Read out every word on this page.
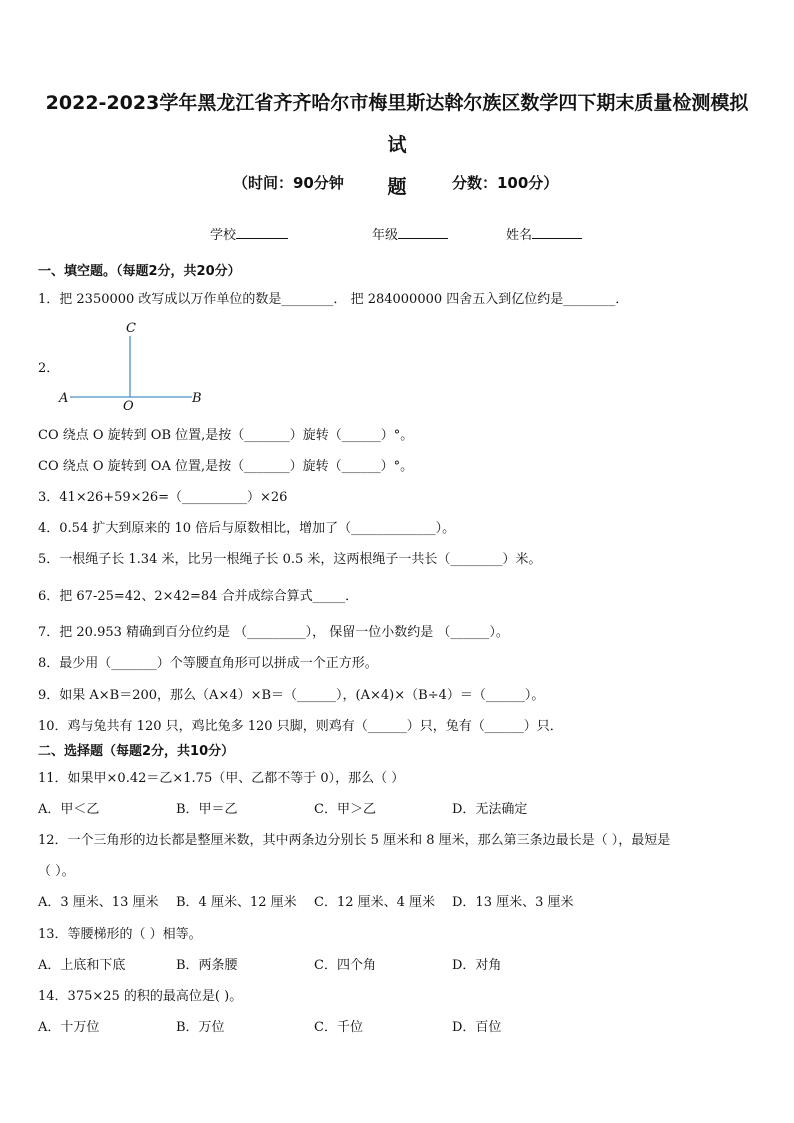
2022-2023学年黑龙江省齐齐哈尔市梅里斯达斡尔族区数学四下期末质量检测模拟试
题
（时间：90分钟	分数：100分）
学校	年级	姓名
一、填空题。（每题2分，共20分）
1．把 2350000 改写成以万作单位的数是________． 把 284000000 四舍五入到亿位约是________．
2．
C
A
O
B
CO 绕点 O 旋转到 OB 位置,是按（_______）旋转（______）°。
CO 绕点 O 旋转到 OA 位置,是按（_______）旋转（______）°。
3．41×26+59×26=（__________）×26
4．0.54 扩大到原来的 10 倍后与原数相比，增加了（_____________）。
5．一根绳子长 1.34 米，比另一根绳子长 0.5 米，这两根绳子一共长（________）米。
6．把 67-25=42、2×42=84 合并成综合算式_____．
7．把 20.953 精确到百分位约是 （_________）， 保留一位小数约是 （______）。
8．最少用（_______）个等腰直角形可以拼成一个正方形。
9．如果 A×B＝200，那么（A×4）×B＝（______），(A×4)×（B÷4）＝（______）。
10．鸡与兔共有 120 只，鸡比兔多 120 只脚，则鸡有（______）只，兔有（______）只．
二、选择题（每题2分，共10分）
11．如果甲×0.42＝乙×1.75（甲、乙都不等于 0），那么（ ）
A．甲＜乙	B．甲＝乙	C．甲＞乙	D．无法确定
12．一个三角形的边长都是整厘米数，其中两条边分别长 5 厘米和 8 厘米，那么第三条边最长是（ ），最短是
（ ）。
A．3 厘米、13 厘米 B．4 厘米、12 厘米 C．12 厘米、4 厘米 D．13 厘米、3 厘米
13．等腰梯形的（ ）相等。
A．上底和下底	B．两条腰	C．四个角	D．对角
14．375×25 的积的最高位是( )。
A．十万位	B．万位	C．千位	D．百位
